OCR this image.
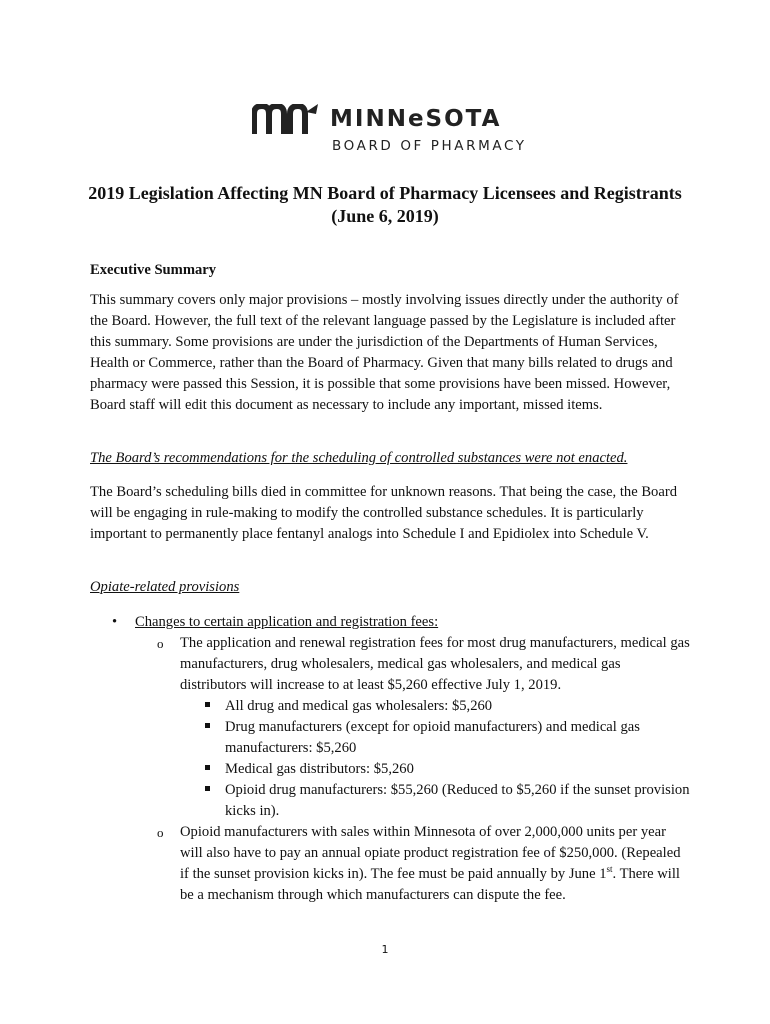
MINNeSOTA
BOARD OF PHARMACY
2019 Legislation Affecting MN Board of Pharmacy Licensees and Registrants
(June 6, 2019)
Executive Summary
This summary covers only major provisions – mostly involving issues directly under the authority of the Board. However, the full text of the relevant language passed by the Legislature is included after this summary. Some provisions are under the jurisdiction of the Departments of Human Services, Health or Commerce, rather than the Board of Pharmacy. Given that many bills related to drugs and pharmacy were passed this Session, it is possible that some provisions have been missed. However, Board staff will edit this document as necessary to include any important, missed items.
The Board’s recommendations for the scheduling of controlled substances were not enacted.
The Board’s scheduling bills died in committee for unknown reasons. That being the case, the Board will be engaging in rule-making to modify the controlled substance schedules. It is particularly important to permanently place fentanyl analogs into Schedule I and Epidiolex into Schedule V.
Opiate-related provisions
• Changes to certain application and registration fees:
o The application and renewal registration fees for most drug manufacturers, medical gas manufacturers, drug wholesalers, medical gas wholesalers, and medical gas distributors will increase to at least $5,260 effective July 1, 2019.
All drug and medical gas wholesalers: $5,260
Drug manufacturers (except for opioid manufacturers) and medical gas manufacturers: $5,260
Medical gas distributors: $5,260
Opioid drug manufacturers: $55,260 (Reduced to $5,260 if the sunset provision kicks in).
o Opioid manufacturers with sales within Minnesota of over 2,000,000 units per year will also have to pay an annual opiate product registration fee of $250,000. (Repealed if the sunset provision kicks in). The fee must be paid annually by June 1st. There will be a mechanism through which manufacturers can dispute the fee.
1
